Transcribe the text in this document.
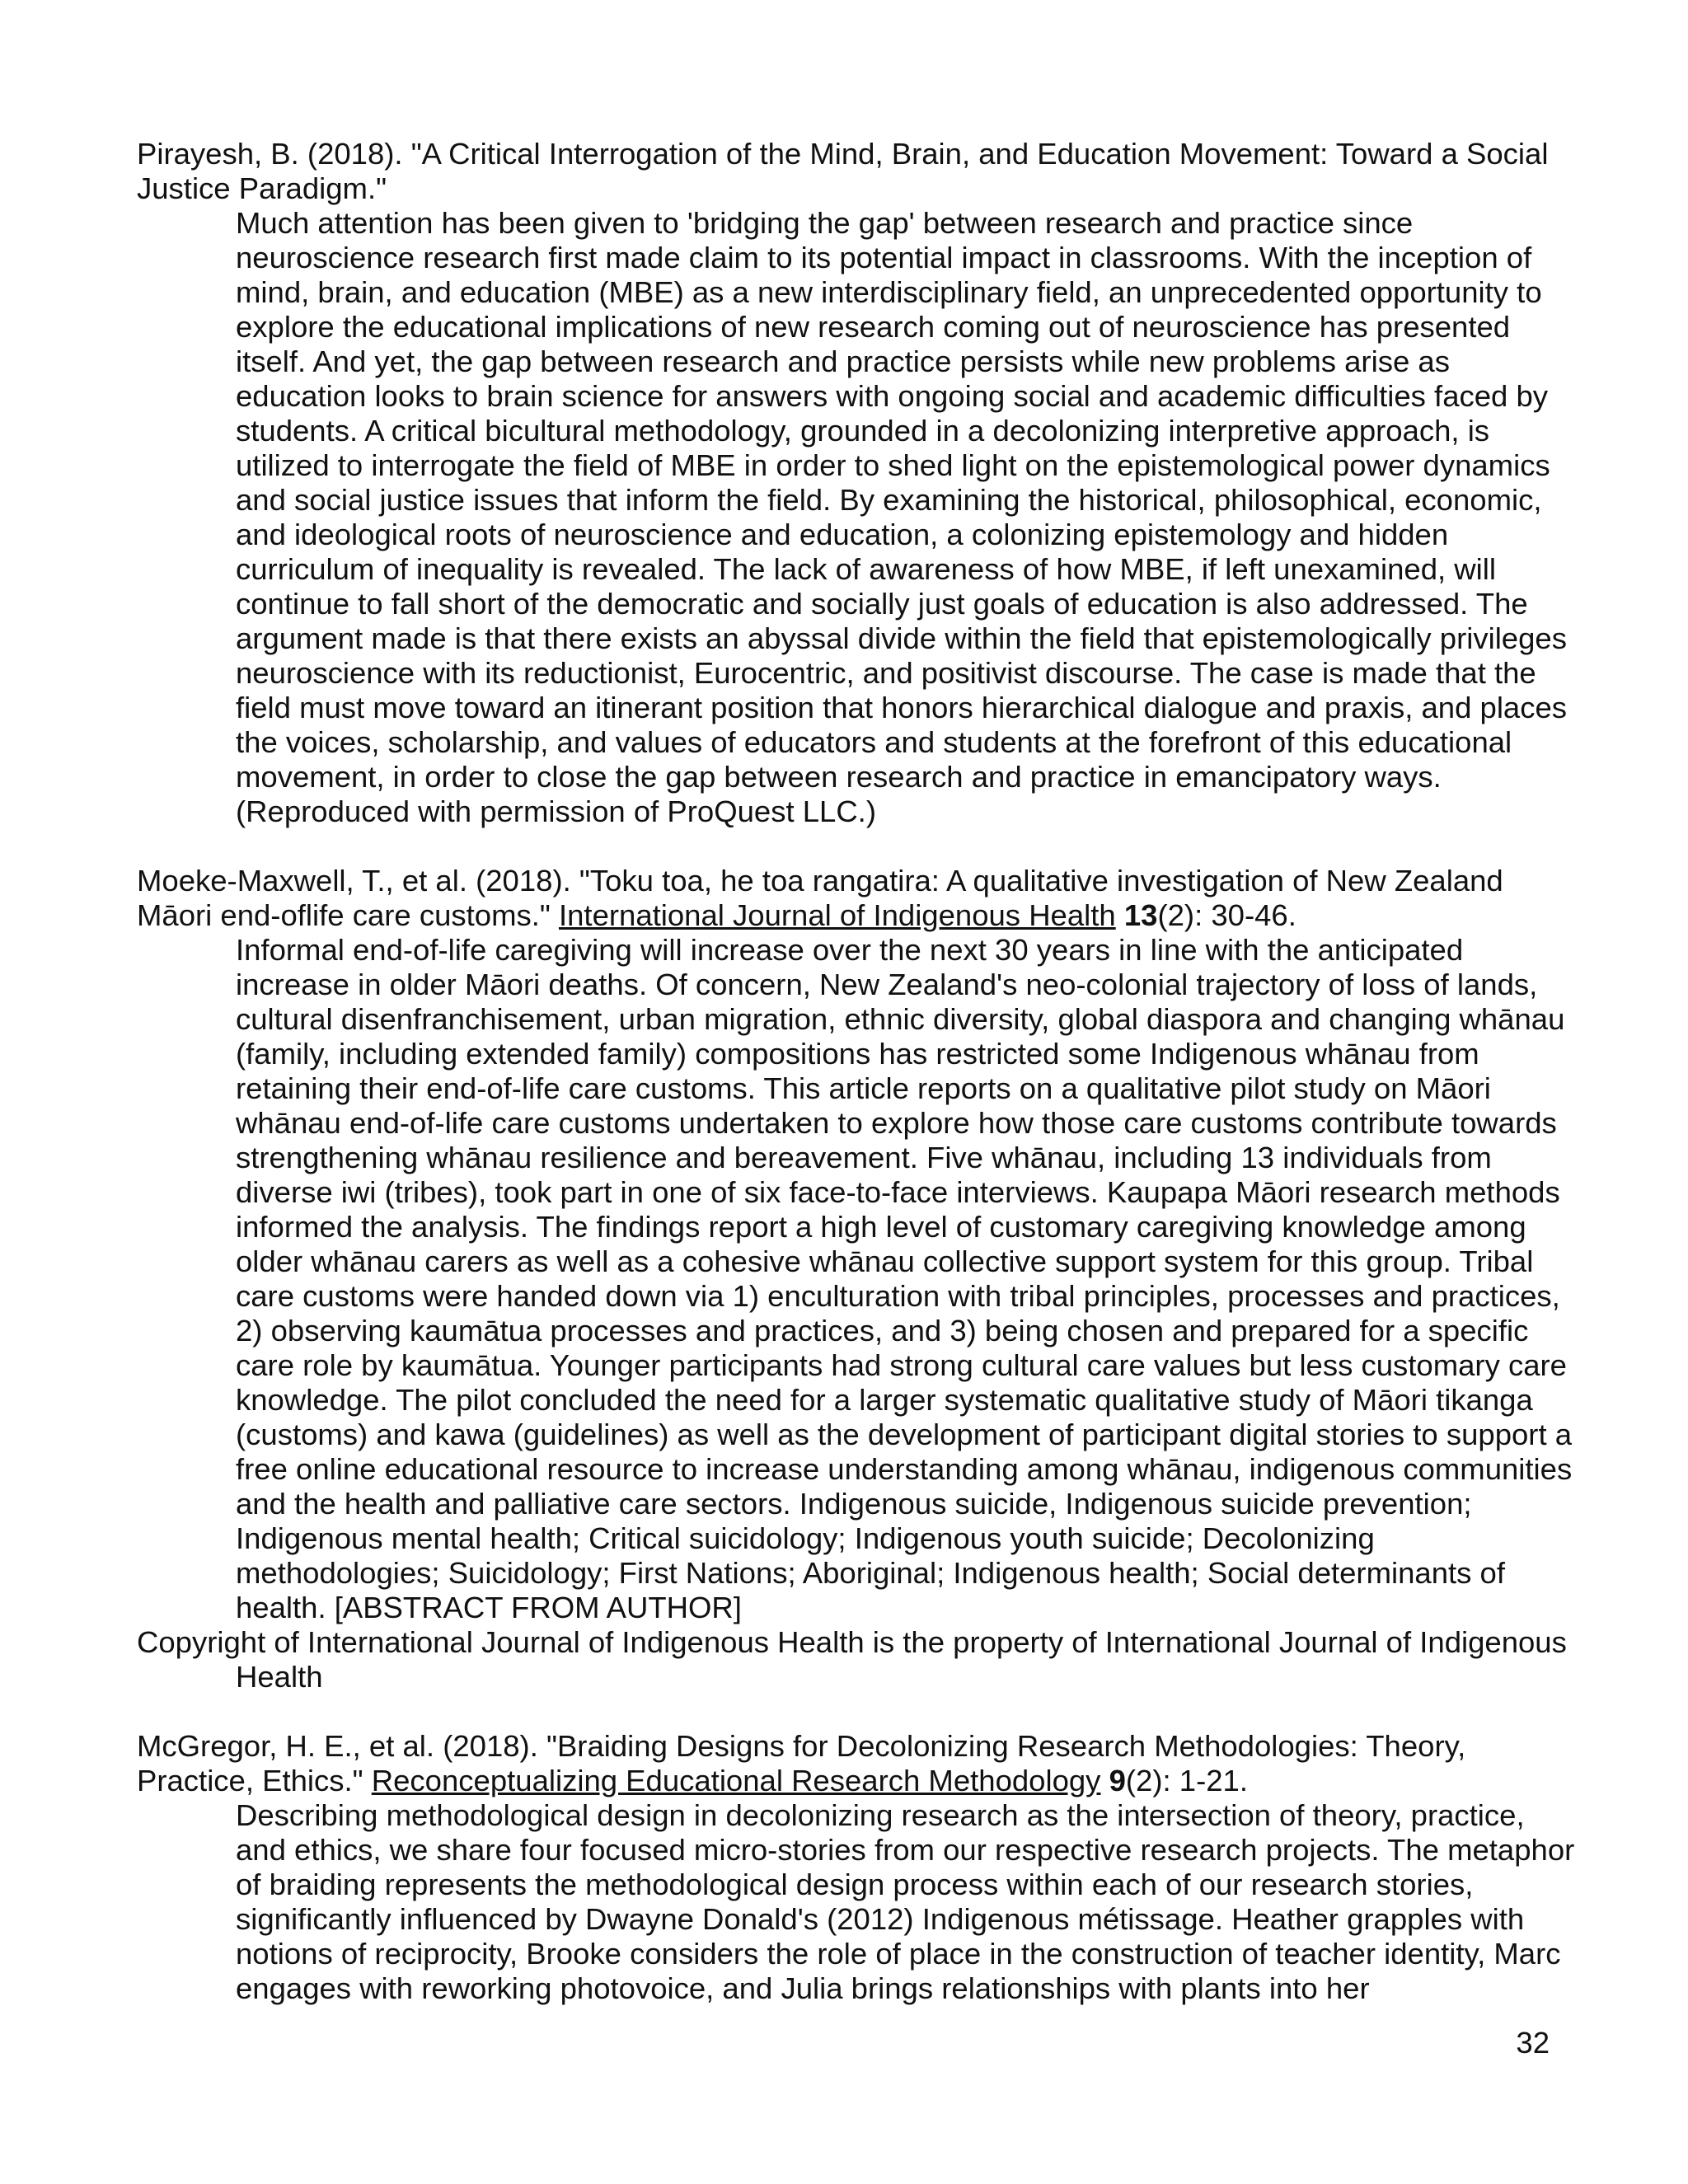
Pirayesh, B. (2018). "A Critical Interrogation of the Mind, Brain, and Education Movement: Toward a Social Justice Paradigm."

Much attention has been given to 'bridging the gap' between research and practice since neuroscience research first made claim to its potential impact in classrooms. With the inception of mind, brain, and education (MBE) as a new interdisciplinary field, an unprecedented opportunity to explore the educational implications of new research coming out of neuroscience has presented itself. And yet, the gap between research and practice persists while new problems arise as education looks to brain science for answers with ongoing social and academic difficulties faced by students. A critical bicultural methodology, grounded in a decolonizing interpretive approach, is utilized to interrogate the field of MBE in order to shed light on the epistemological power dynamics and social justice issues that inform the field. By examining the historical, philosophical, economic, and ideological roots of neuroscience and education, a colonizing epistemology and hidden curriculum of inequality is revealed. The lack of awareness of how MBE, if left unexamined, will continue to fall short of the democratic and socially just goals of education is also addressed. The argument made is that there exists an abyssal divide within the field that epistemologically privileges neuroscience with its reductionist, Eurocentric, and positivist discourse. The case is made that the field must move toward an itinerant position that honors hierarchical dialogue and praxis, and places the voices, scholarship, and values of educators and students at the forefront of this educational movement, in order to close the gap between research and practice in emancipatory ways. (Reproduced with permission of ProQuest LLC.)

Moeke-Maxwell, T., et al. (2018). "Toku toa, he toa rangatira: A qualitative investigation of New Zealand Māori end-oflife care customs." International Journal of Indigenous Health 13(2): 30-46.

Informal end-of-life caregiving will increase over the next 30 years in line with the anticipated increase in older Māori deaths. Of concern, New Zealand's neo-colonial trajectory of loss of lands, cultural disenfranchisement, urban migration, ethnic diversity, global diaspora and changing whānau (family, including extended family) compositions has restricted some Indigenous whānau from retaining their end-of-life care customs. This article reports on a qualitative pilot study on Māori whānau end-of-life care customs undertaken to explore how those care customs contribute towards strengthening whānau resilience and bereavement. Five whānau, including 13 individuals from diverse iwi (tribes), took part in one of six face-to-face interviews. Kaupapa Māori research methods informed the analysis. The findings report a high level of customary caregiving knowledge among older whānau carers as well as a cohesive whānau collective support system for this group. Tribal care customs were handed down via 1) enculturation with tribal principles, processes and practices, 2) observing kaumātua processes and practices, and 3) being chosen and prepared for a specific care role by kaumātua. Younger participants had strong cultural care values but less customary care knowledge. The pilot concluded the need for a larger systematic qualitative study of Māori tikanga (customs) and kawa (guidelines) as well as the development of participant digital stories to support a free online educational resource to increase understanding among whānau, indigenous communities and the health and palliative care sectors. Indigenous suicide, Indigenous suicide prevention; Indigenous mental health; Critical suicidology; Indigenous youth suicide; Decolonizing methodologies; Suicidology; First Nations; Aboriginal; Indigenous health; Social determinants of health. [ABSTRACT FROM AUTHOR]

Copyright of International Journal of Indigenous Health is the property of International Journal of Indigenous Health

McGregor, H. E., et al. (2018). "Braiding Designs for Decolonizing Research Methodologies: Theory, Practice, Ethics." Reconceptualizing Educational Research Methodology 9(2): 1-21.

Describing methodological design in decolonizing research as the intersection of theory, practice, and ethics, we share four focused micro-stories from our respective research projects. The metaphor of braiding represents the methodological design process within each of our research stories, significantly influenced by Dwayne Donald's (2012) Indigenous métissage. Heather grapples with notions of reciprocity, Brooke considers the role of place in the construction of teacher identity, Marc engages with reworking photovoice, and Julia brings relationships with plants into her

32
